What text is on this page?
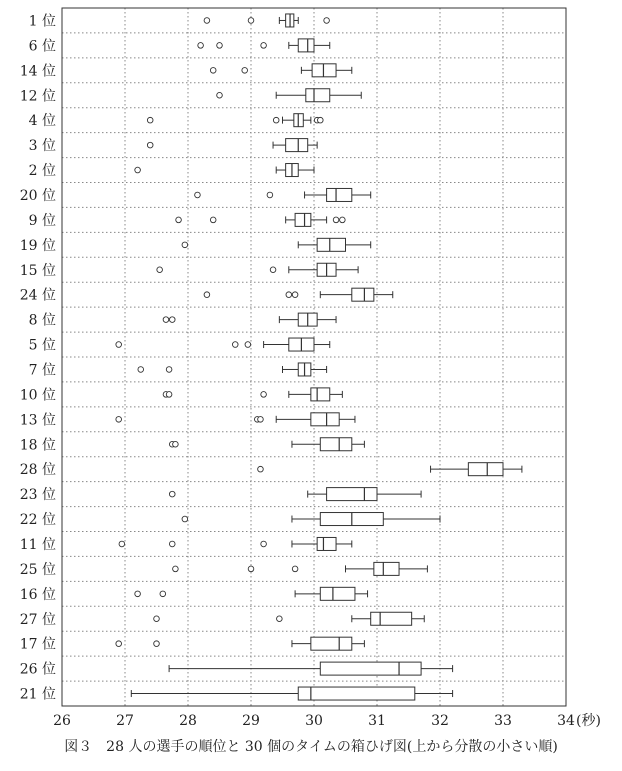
1 位
6 位
14 位
12 位
4 位
3 位
2 位
20 位
9 位
19 位
15 位
24 位
8 位
5 位
7 位
10 位
13 位
18 位
28 位
23 位
22 位
11 位
25 位
16 位
27 位
17 位
26 位
21 位
26	27	28	29	30	31	32	33	34 (秒)
図３　28 人の選手の順位と 30 個のタイムの箱ひげ図(上から分散の小さい順)
